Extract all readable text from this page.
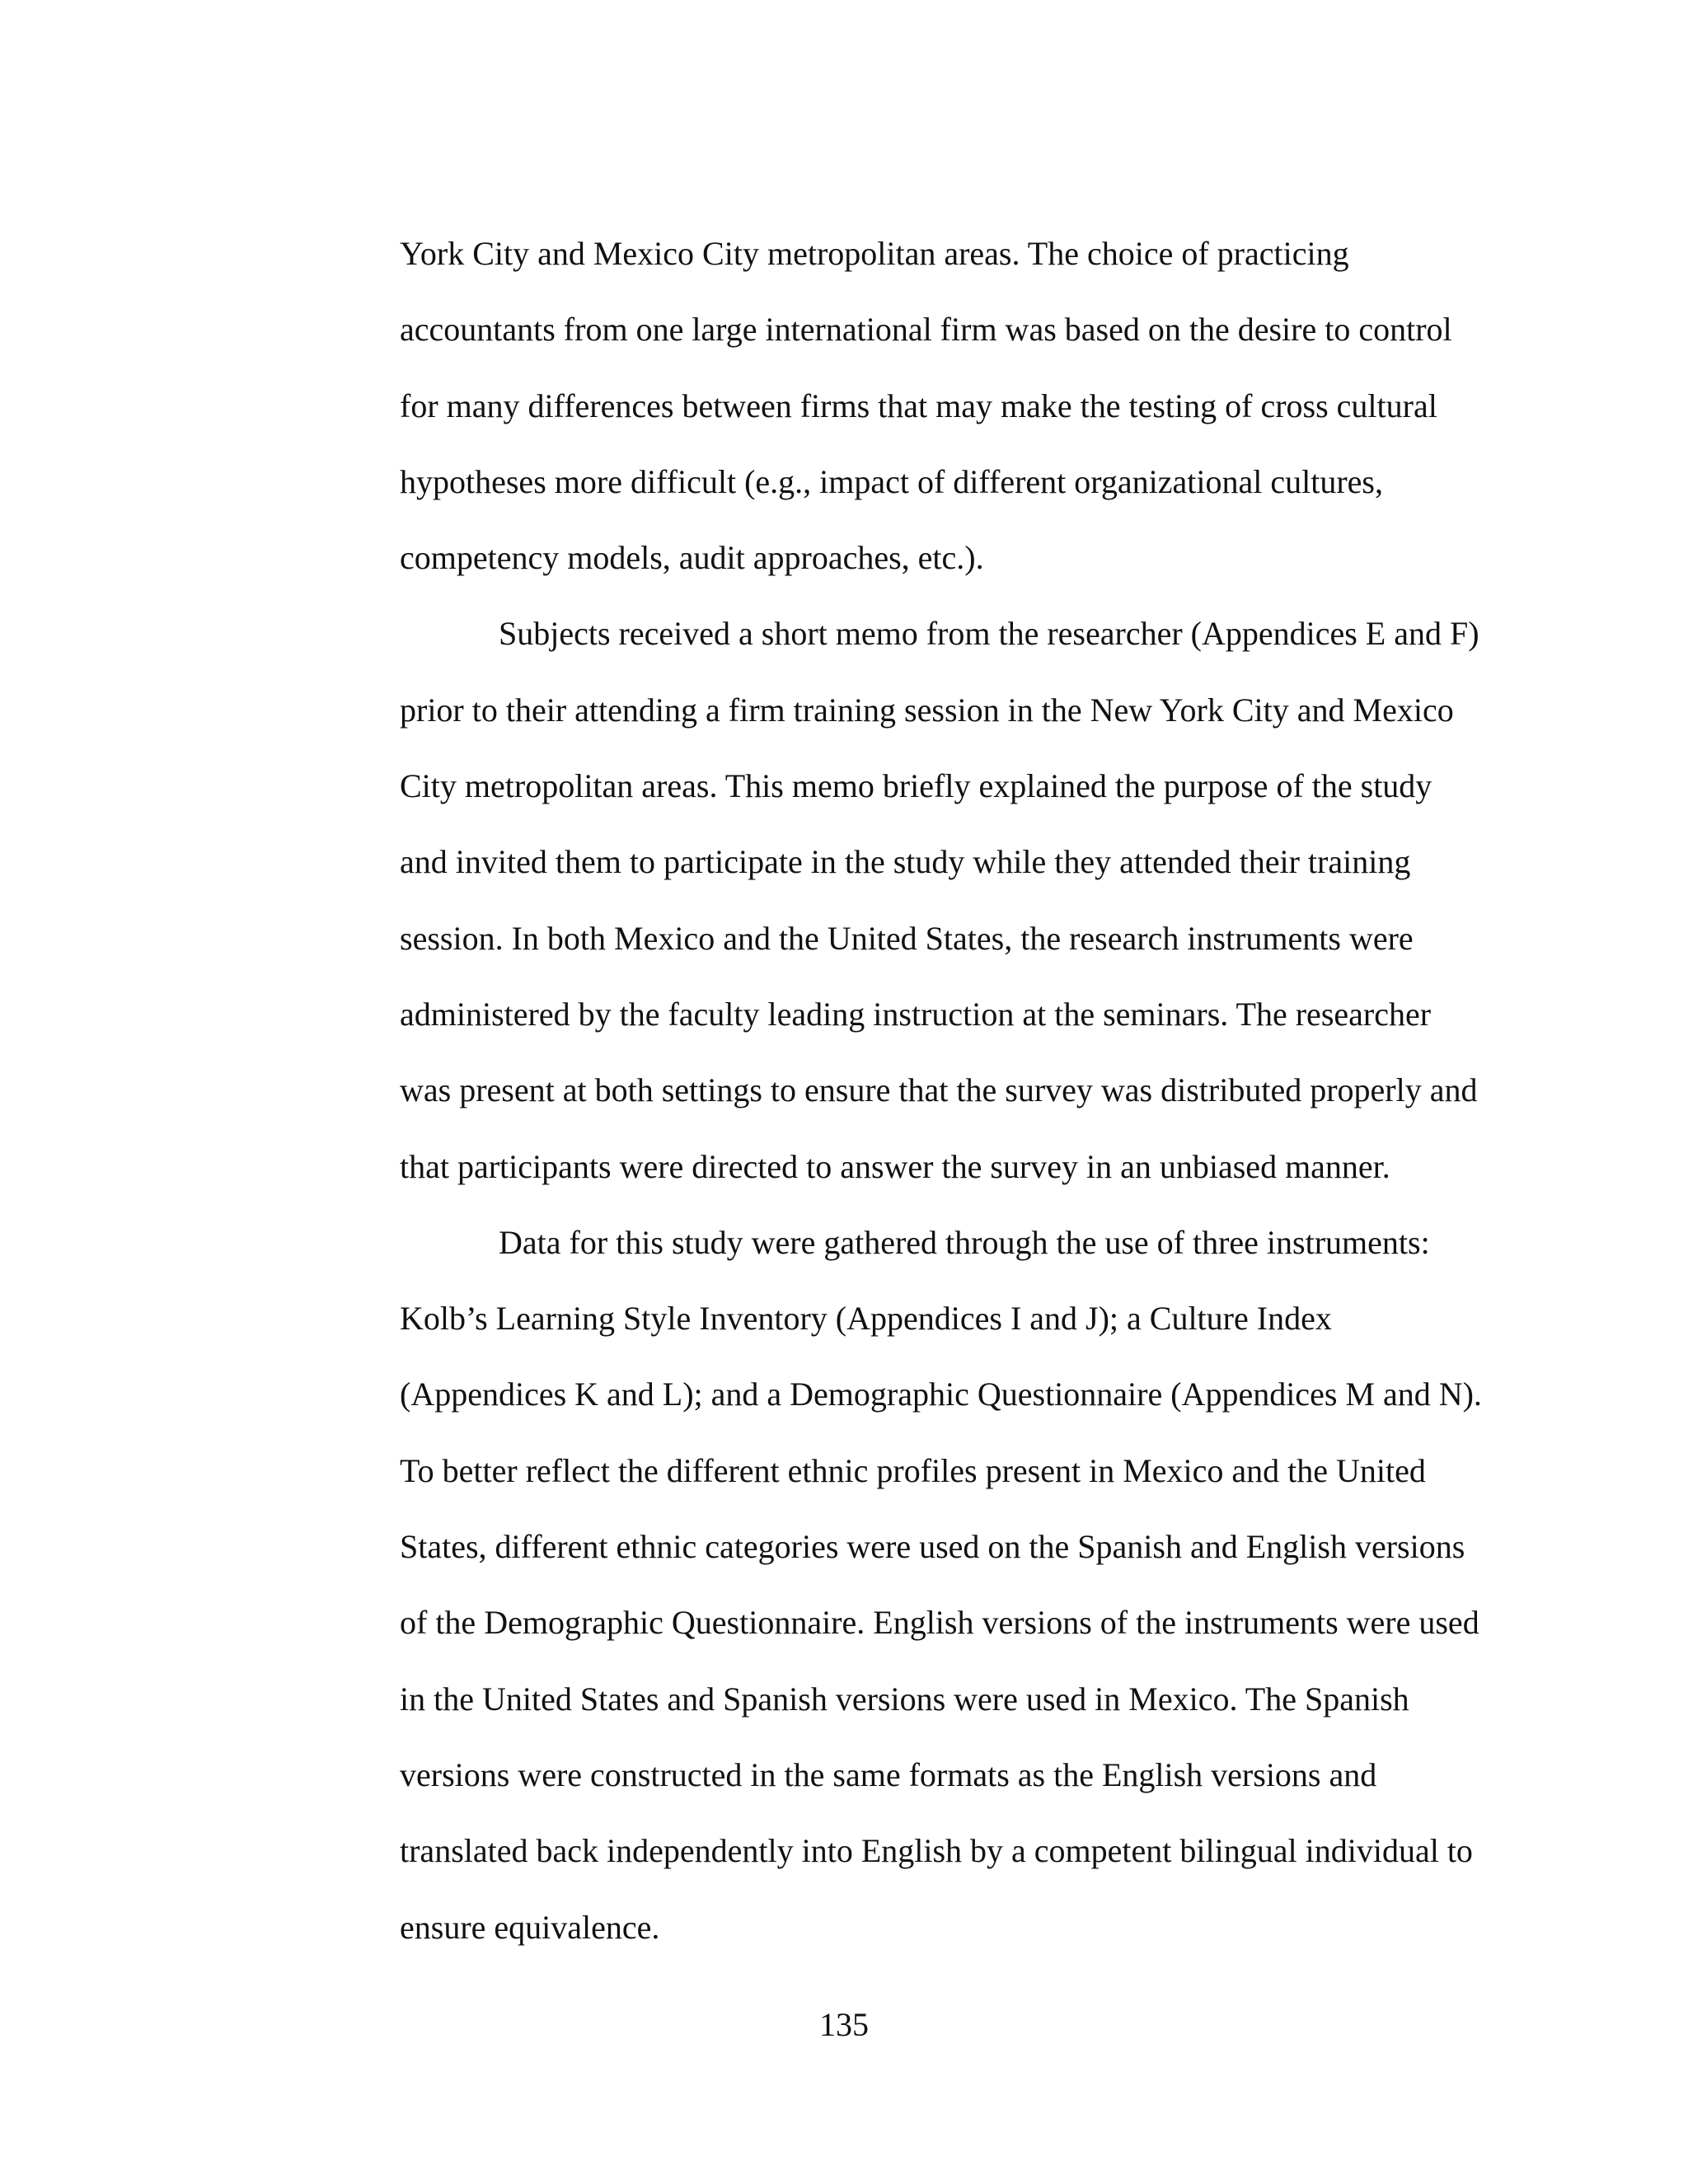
York City and Mexico City metropolitan areas. The choice of practicing accountants from one large international firm was based on the desire to control for many differences between firms that may make the testing of cross cultural hypotheses more difficult (e.g., impact of different organizational cultures, competency models, audit approaches, etc.).

Subjects received a short memo from the researcher (Appendices E and F) prior to their attending a firm training session in the New York City and Mexico City metropolitan areas. This memo briefly explained the purpose of the study and invited them to participate in the study while they attended their training session. In both Mexico and the United States, the research instruments were administered by the faculty leading instruction at the seminars. The researcher was present at both settings to ensure that the survey was distributed properly and that participants were directed to answer the survey in an unbiased manner.

Data for this study were gathered through the use of three instruments: Kolb’s Learning Style Inventory (Appendices I and J); a Culture Index (Appendices K and L); and a Demographic Questionnaire (Appendices M and N). To better reflect the different ethnic profiles present in Mexico and the United States, different ethnic categories were used on the Spanish and English versions of the Demographic Questionnaire. English versions of the instruments were used in the United States and Spanish versions were used in Mexico. The Spanish versions were constructed in the same formats as the English versions and translated back independently into English by a competent bilingual individual to ensure equivalence.

135
